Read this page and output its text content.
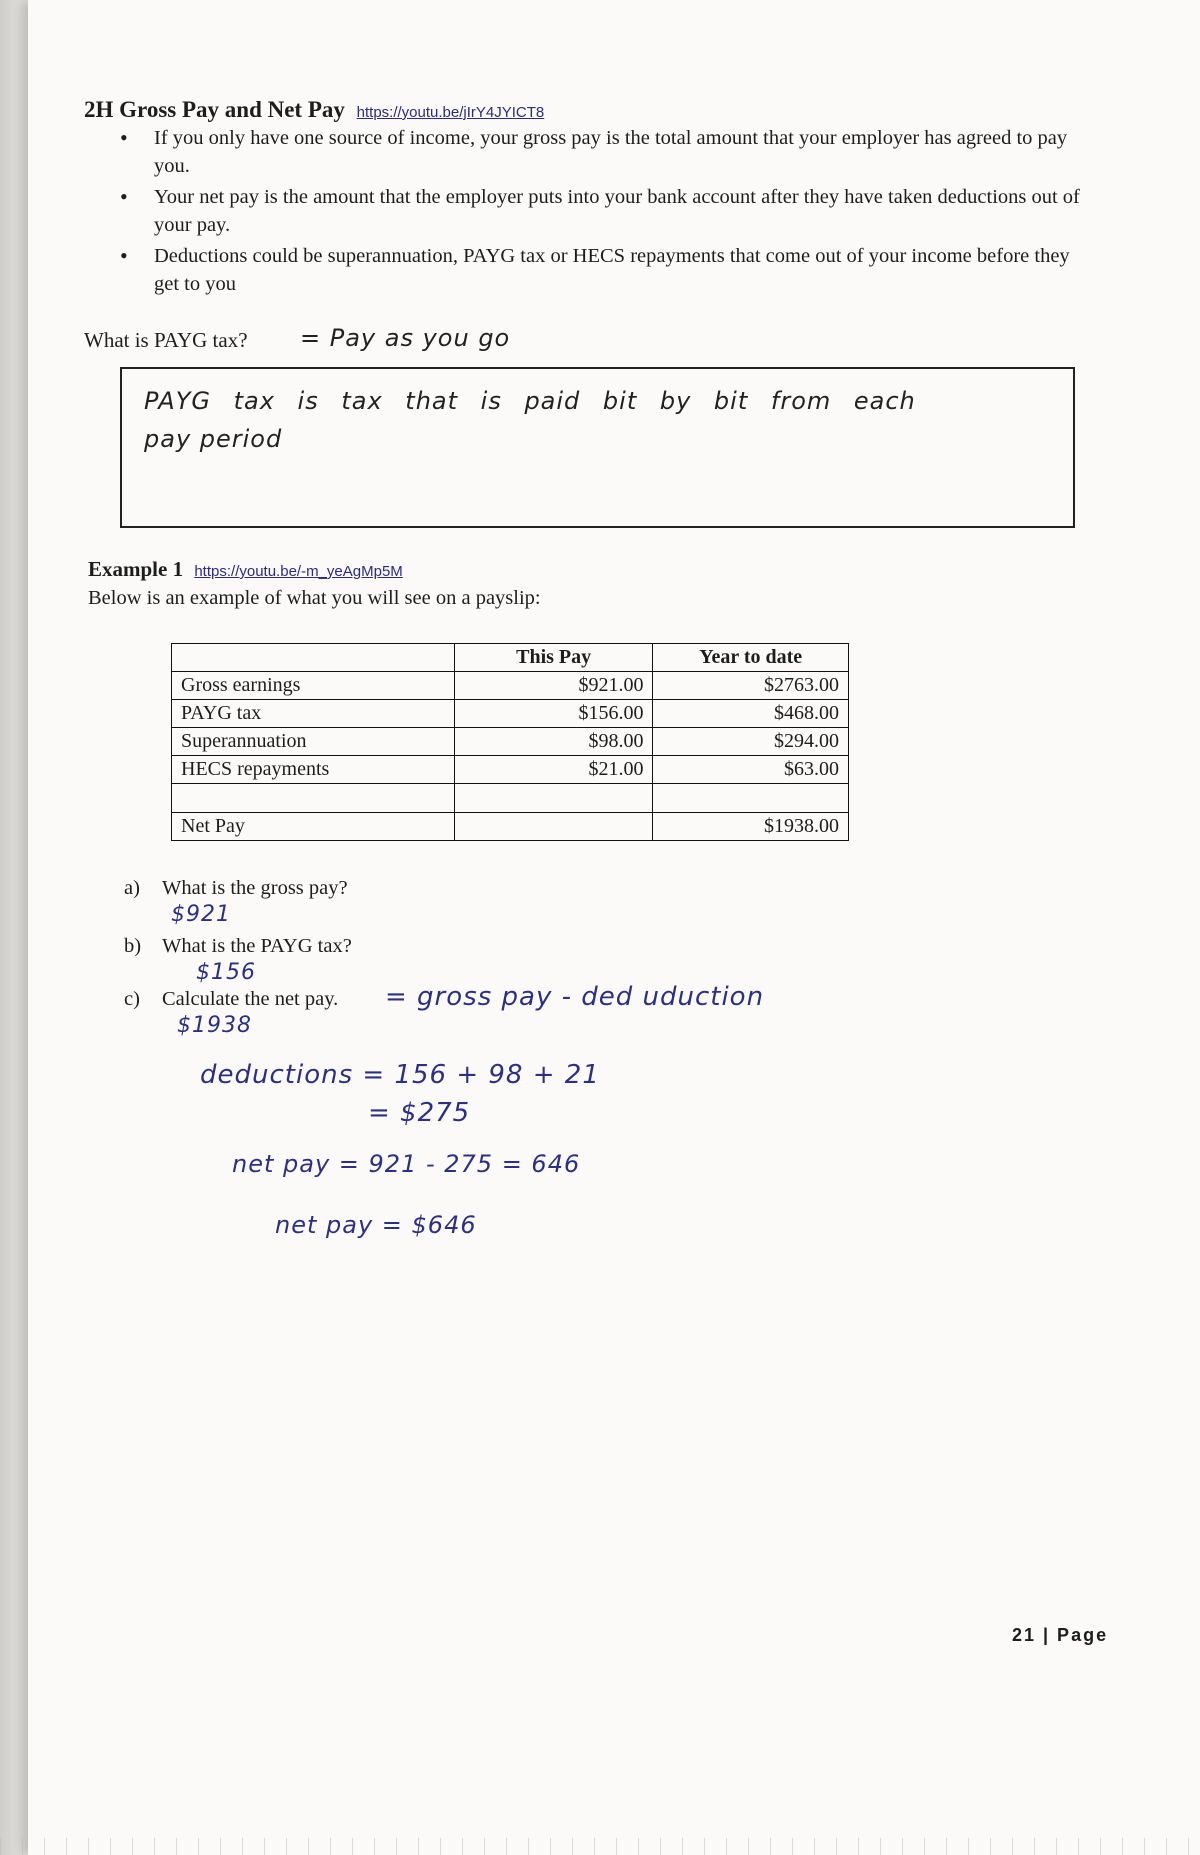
2H Gross Pay and Net Pay https://youtu.be/jIrY4JYICT8
• If you only have one source of income, your gross pay is the total amount that your employer has agreed to pay you.
• Your net pay is the amount that the employer puts into your bank account after they have taken deductions out of your pay.
• Deductions could be superannuation, PAYG tax or HECS repayments that come out of your income before they get to you
What is PAYG tax? = Pay as you go
PAYG tax is tax that is paid bit by bit from each
pay period
Example 1 https://youtu.be/-m_yeAgMp5M
Below is an example of what you will see on a payslip:
	This Pay	Year to date
Gross earnings	$921.00	$2763.00
PAYG tax	$156.00	$468.00
Superannuation	$98.00	$294.00
HECS repayments	$21.00	$63.00

Net Pay		$1938.00
a) What is the gross pay?
$921
b) What is the PAYG tax?
$156
c) Calculate the net pay. = gross pay - ded uduction
$1938
deductions = 156 + 98 + 21
= $275
net pay = 921 - 275 = 646
net pay = $646
21 | Page
